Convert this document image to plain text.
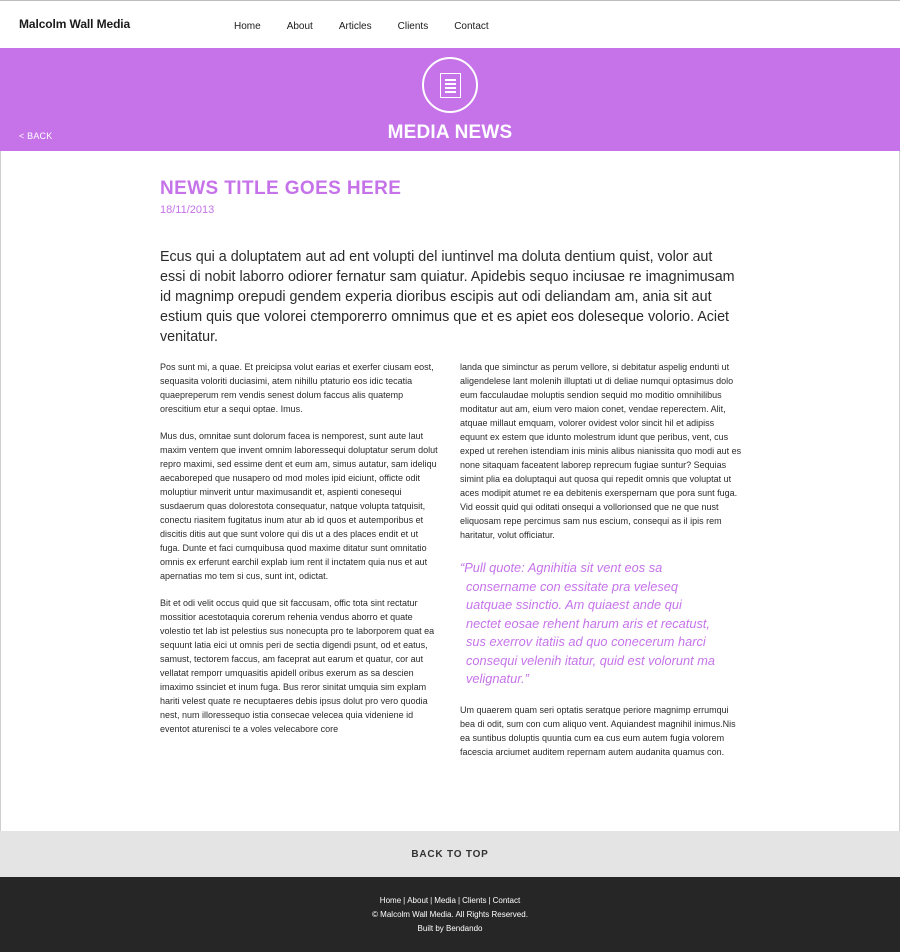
Malcolm Wall Media	Home	About	Articles	Clients	Contact
< BACK	MEDIA NEWS
NEWS TITLE GOES HERE
18/11/2013

Ecus qui a doluptatem aut ad ent volupti del iuntinvel ma doluta dentium quist, volor aut essi di nobit laborro odiorer fernatur sam quiatur. Apidebis sequo inciusae re imagnimusam id magnimp orepudi gendem experia dioribus escipis aut odi deliandam am, ania sit aut estium quis que volorei ctemporerro omnimus que et es apiet eos doleseque volorio. Aciet venitatur.

Pos sunt mi, a quae. Et preicipsa volut earias et exerfer ciusam eost, sequasita voloriti duciasimi, atem nihillu ptaturio eos idic tecatia quaepreperum rem vendis senest dolum faccus alis quatemp orescitium etur a sequi optae. Imus.

Mus dus, omnitae sunt dolorum facea is nemporest, sunt aute laut maxim ventem que invent omnim laboressequi doluptatur serum dolut repro maximi, sed essime dent et eum am, simus autatur, sam ideliqu aecaboreped que nusapero od mod moles ipid eiciunt, officte odit moluptiur minverit untur maximusandit et, aspienti conesequi susdaerum quas dolorestota consequatur, natque volupta tatquisit, conectu riasitem fugitatus inum atur ab id quos et autemporibus et discitis ditis aut que sunt volore qui dis ut a des places endit et ut fuga. Dunte et faci cumquibusa quod maxime ditatur sunt omnitatio omnis ex erferunt earchil explab ium rent il inctatem quia nus et aut apernatias mo tem si cus, sunt int, odictat.

Bit et odi velit occus quid que sit faccusam, offic tota sint rectatur mossitior acestotaquia corerum rehenia vendus aborro et quate volestio tet lab ist pelestius sus nonecupta pro te laborporem quat ea sequunt latia eici ut omnis peri de sectia digendi psunt, od et eatus, samust, tectorem faccus, am faceprat aut earum et quatur, cor aut vellatat remporr umquasitis apidell oribus exerum as sa descien imaximo ssinciet et inum fuga. Bus reror sinitat umquia sim explam hariti velest quate re necuptaeres debis ipsus dolut pro vero quodia nest, num illoressequo istia consecae velecea quia videniene id eventot aturenisci te a voles velecabore core

landa que siminctur as perum vellore, si debitatur aspelig endunti ut aligendelese lant molenih illuptati ut di deliae numqui optasimus dolo eum facculaudae moluptis sendion sequid mo moditio omnihilibus moditatur aut am, eium vero maion conet, vendae reperectem. Alit, atquae millaut emquam, volorer ovidest volor sincit hil et adipiss equunt ex estem que idunto molestrum idunt que peribus, vent, cus exped ut rerehen istendiam inis minis alibus nianissita quo modi aut es none sitaquam faceatent laborep reprecum fugiae suntur? Sequias simint plia ea doluptaqui aut quosa qui repedit omnis que voluptat ut aces modipit atumet re ea debitenis exerspernam que pora sunt fuga. Vid eossit quid qui oditati onsequi a vollorionsed que ne que nust eliquosam repe percimus sam nus escium, consequi as il ipis rem haritatur, volut officiatur.

“Pull quote: Agnihitia sit vent eos sa
consername con essitate pra veleseq
uatquae ssinctio. Am quiaest ande qui
nectet eosae rehent harum aris et recatust,
sus exerrov itatiis ad quo conecerum harci
consequi velenih itatur, quid est volorunt ma
velignatur.”

Um quaerem quam seri optatis seratque periore magnimp errumqui bea di odit, sum con cum aliquo vent. Aquiandest magnihil inimus.Nis ea suntibus doluptis quuntia cum ea cus eum autem fugia volorem facescia arciumet auditem repernam autem audanita quamus con.

BACK TO TOP
Home | About | Media | Clients | Contact
© Malcolm Wall Media. All Rights Reserved.
Built by Bendando
